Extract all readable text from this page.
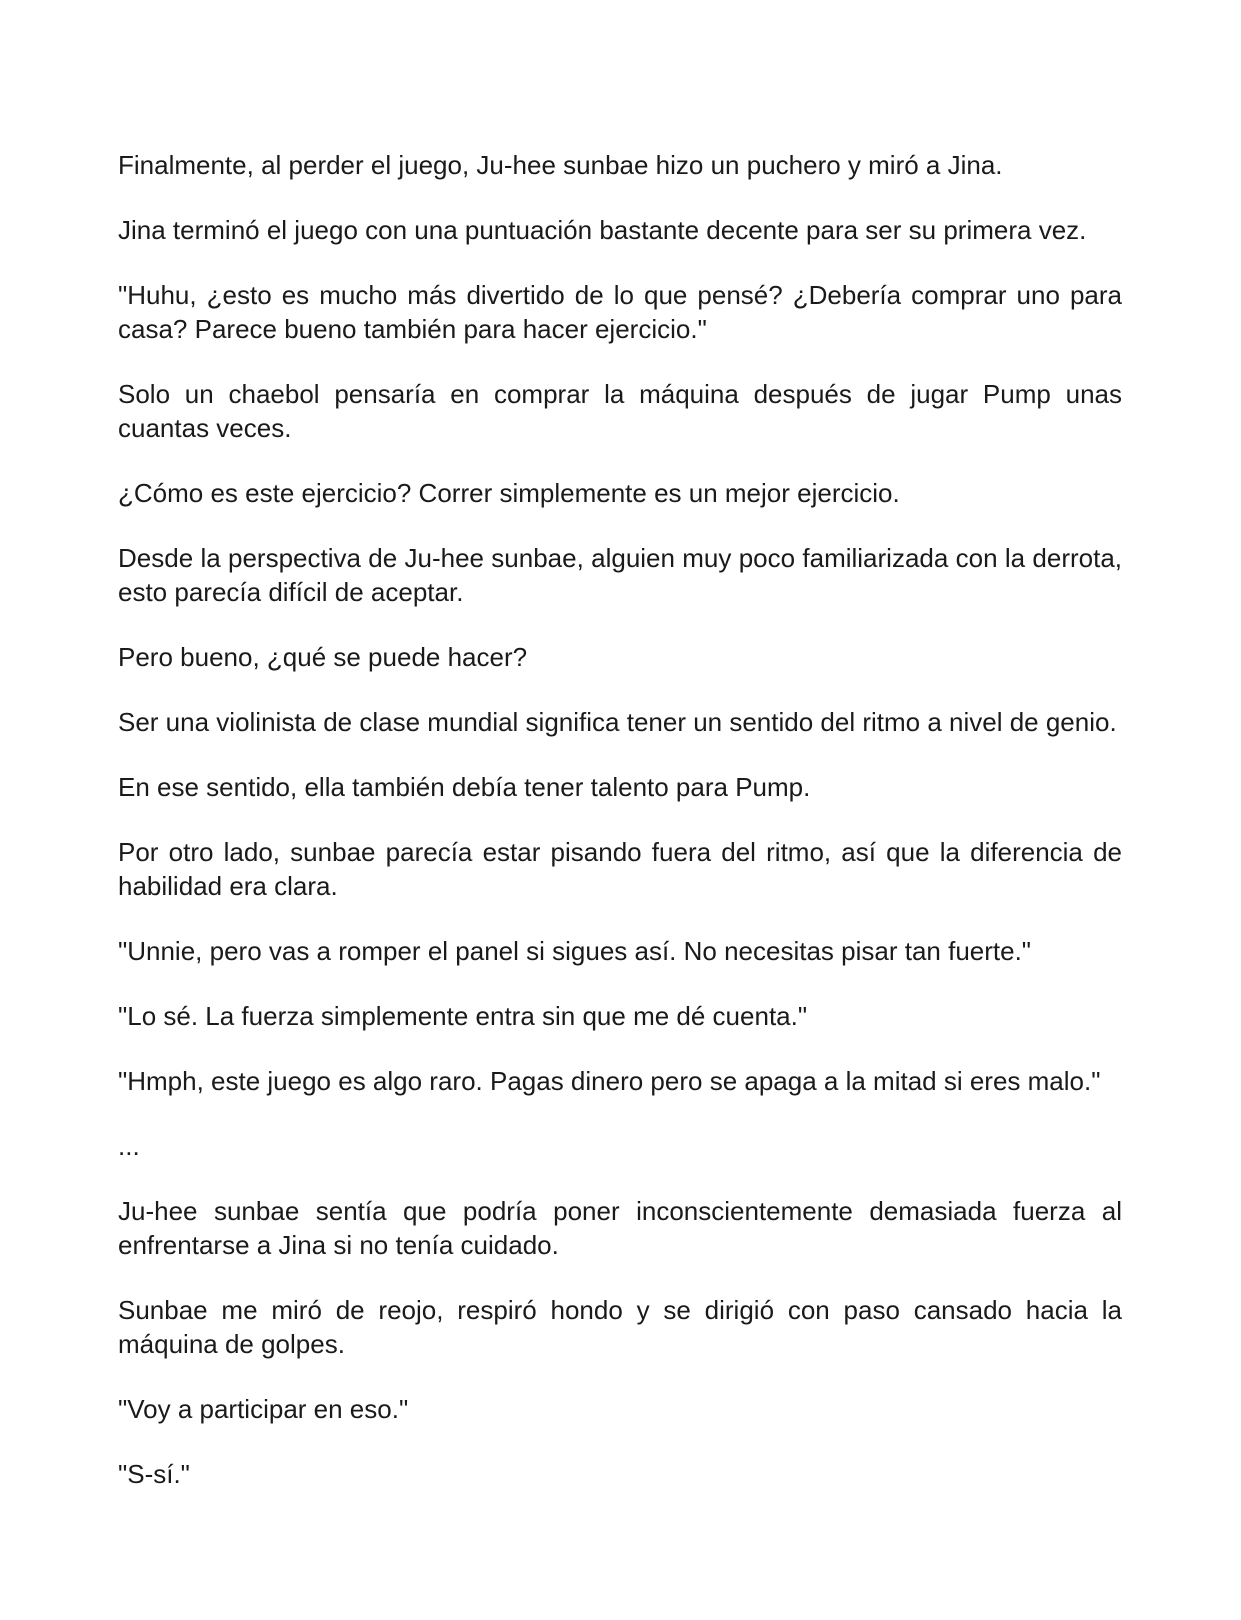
Finalmente, al perder el juego, Ju-hee sunbae hizo un puchero y miró a Jina.

Jina terminó el juego con una puntuación bastante decente para ser su primera vez.

"Huhu, ¿esto es mucho más divertido de lo que pensé? ¿Debería comprar uno para casa? Parece bueno también para hacer ejercicio."

Solo un chaebol pensaría en comprar la máquina después de jugar Pump unas cuantas veces.

¿Cómo es este ejercicio? Correr simplemente es un mejor ejercicio.

Desde la perspectiva de Ju-hee sunbae, alguien muy poco familiarizada con la derrota, esto parecía difícil de aceptar.

Pero bueno, ¿qué se puede hacer?

Ser una violinista de clase mundial significa tener un sentido del ritmo a nivel de genio.

En ese sentido, ella también debía tener talento para Pump.

Por otro lado, sunbae parecía estar pisando fuera del ritmo, así que la diferencia de habilidad era clara.

"Unnie, pero vas a romper el panel si sigues así. No necesitas pisar tan fuerte."

"Lo sé. La fuerza simplemente entra sin que me dé cuenta."

"Hmph, este juego es algo raro. Pagas dinero pero se apaga a la mitad si eres malo."

...

Ju-hee sunbae sentía que podría poner inconscientemente demasiada fuerza al enfrentarse a Jina si no tenía cuidado.

Sunbae me miró de reojo, respiró hondo y se dirigió con paso cansado hacia la máquina de golpes.

"Voy a participar en eso."

"S-sí."
